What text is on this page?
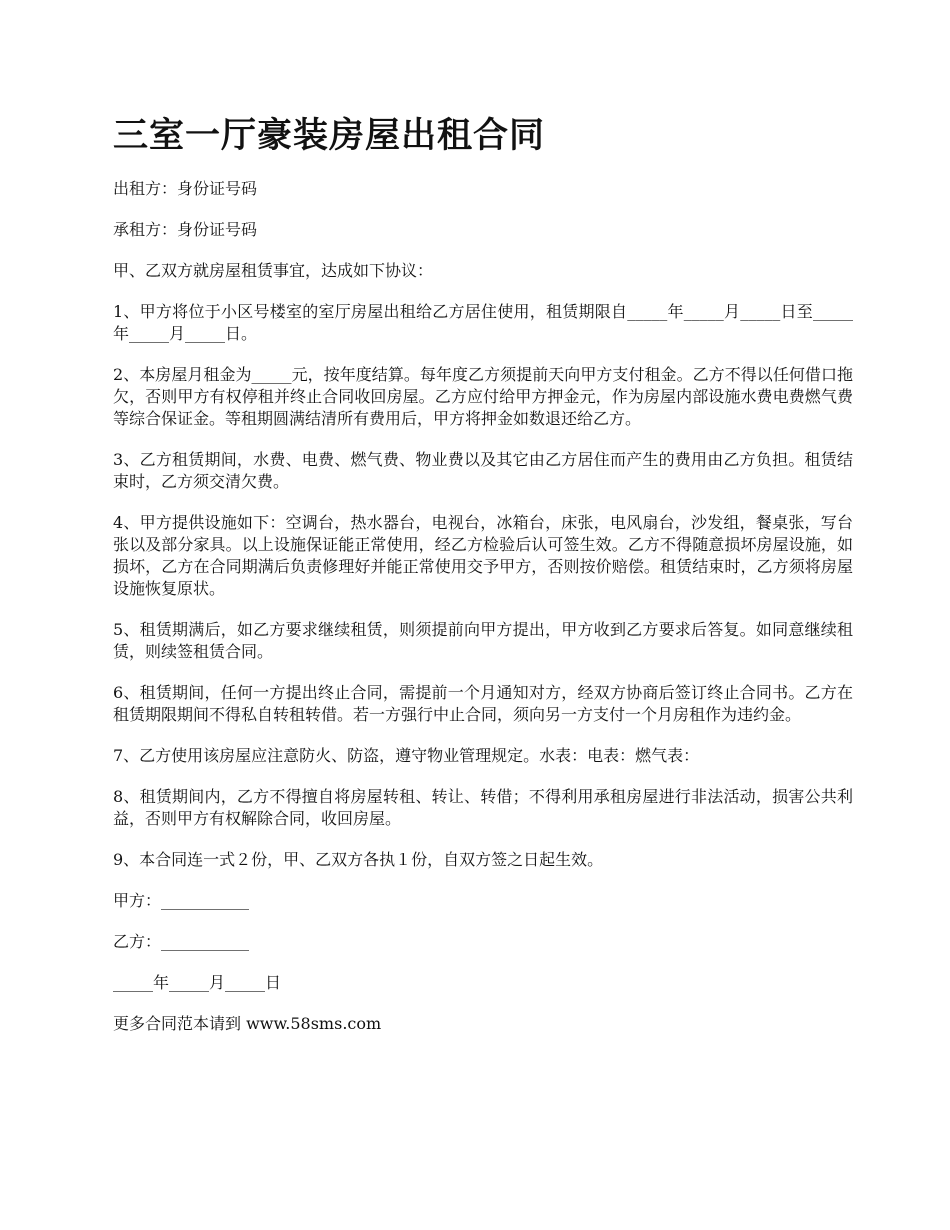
三室一厅豪装房屋出租合同

出租方：身份证号码

承租方：身份证号码

甲、乙双方就房屋租赁事宜，达成如下协议：

1、甲方将位于小区号楼室的室厅房屋出租给乙方居住使用，租赁期限自_____年_____月_____日至_____年_____月_____日。

2、本房屋月租金为_____元，按年度结算。每年度乙方须提前天向甲方支付租金。乙方不得以任何借口拖欠，否则甲方有权停租并终止合同收回房屋。乙方应付给甲方押金元，作为房屋内部设施水费电费燃气费等综合保证金。等租期圆满结清所有费用后，甲方将押金如数退还给乙方。

3、乙方租赁期间，水费、电费、燃气费、物业费以及其它由乙方居住而产生的费用由乙方负担。租赁结束时，乙方须交清欠费。

4、甲方提供设施如下：空调台，热水器台，电视台，冰箱台，床张，电风扇台，沙发组，餐桌张，写台张以及部分家具。以上设施保证能正常使用，经乙方检验后认可签生效。乙方不得随意损坏房屋设施，如损坏，乙方在合同期满后负责修理好并能正常使用交予甲方，否则按价赔偿。租赁结束时，乙方须将房屋设施恢复原状。

5、租赁期满后，如乙方要求继续租赁，则须提前向甲方提出，甲方收到乙方要求后答复。如同意继续租赁，则续签租赁合同。

6、租赁期间，任何一方提出终止合同，需提前一个月通知对方，经双方协商后签订终止合同书。乙方在租赁期限期间不得私自转租转借。若一方强行中止合同，须向另一方支付一个月房租作为违约金。

7、乙方使用该房屋应注意防火、防盗，遵守物业管理规定。水表：电表：燃气表：

8、租赁期间内，乙方不得擅自将房屋转租、转让、转借；不得利用承租房屋进行非法活动，损害公共利益，否则甲方有权解除合同，收回房屋。

9、本合同连一式２份，甲、乙双方各执１份，自双方签之日起生效。

甲方：___________

乙方：___________

_____年_____月_____日

更多合同范本请到 www.58sms.com
